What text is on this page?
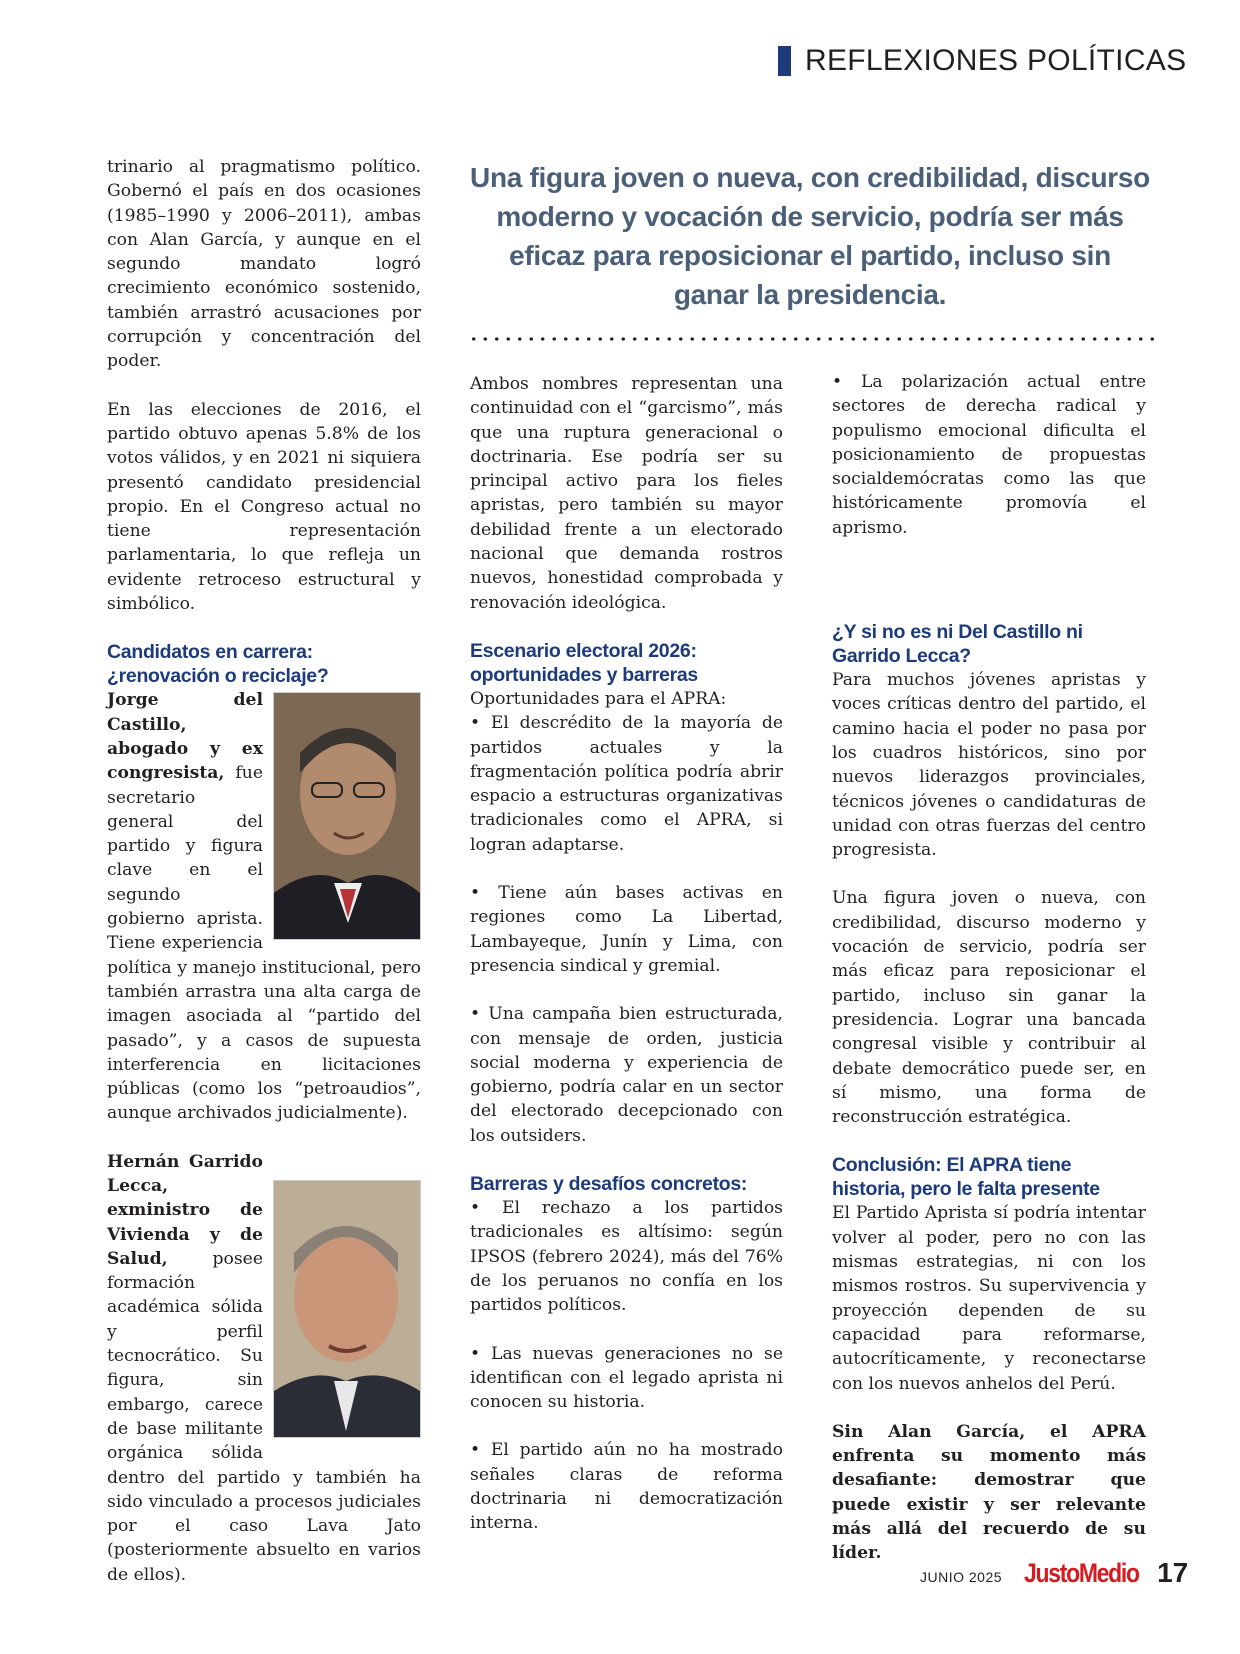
REFLEXIONES POLÍTICAS
Una figura joven o nueva, con credibilidad, discurso moderno y vocación de servicio, podría ser más eficaz para reposicionar el partido, incluso sin ganar la presidencia.

trinario al pragmatismo político. Gobernó el país en dos ocasiones (1985–1990 y 2006–2011), ambas con Alan García, y aunque en el segundo mandato logró crecimiento económico sostenido, también arrastró acusaciones por corrupción y concentración del poder.

En las elecciones de 2016, el partido obtuvo apenas 5.8% de los votos válidos, y en 2021 ni siquiera presentó candidato presidencial propio. En el Congreso actual no tiene representación parlamentaria, lo que refleja un evidente retroceso estructural y simbólico.

Candidatos en carrera: ¿renovación o reciclaje?

Jorge del Castillo, abogado y ex congresista, fue secretario general del partido y figura clave en el segundo gobierno aprista. Tiene experiencia política y manejo institucional, pero también arrastra una alta carga de imagen asociada al “partido del pasado”, y a casos de supuesta interferencia en licitaciones públicas (como los “petroaudios”, aunque archivados judicialmente).

Hernán Garrido Lecca, exministro de Vivienda y de Salud, posee formación académica sólida y perfil tecnocrático. Su figura, sin embargo, carece de base militante orgánica sólida dentro del partido y también ha sido vinculado a procesos judiciales por el caso Lava Jato (posteriormente absuelto en varios de ellos).

Ambos nombres representan una continuidad con el “garcismo”, más que una ruptura generacional o doctrinaria. Ese podría ser su principal activo para los fieles apristas, pero también su mayor debilidad frente a un electorado nacional que demanda rostros nuevos, honestidad comprobada y renovación ideológica.

Escenario electoral 2026: oportunidades y barreras

Oportunidades para el APRA:

• El descrédito de la mayoría de partidos actuales y la fragmentación política podría abrir espacio a estructuras organizativas tradicionales como el APRA, si logran adaptarse.

• Tiene aún bases activas en regiones como La Libertad, Lambayeque, Junín y Lima, con presencia sindical y gremial.

• Una campaña bien estructurada, con mensaje de orden, justicia social moderna y experiencia de gobierno, podría calar en un sector del electorado decepcionado con los outsiders.

Barreras y desafíos concretos:

• El rechazo a los partidos tradicionales es altísimo: según IPSOS (febrero 2024), más del 76% de los peruanos no confía en los partidos políticos.

• Las nuevas generaciones no se identifican con el legado aprista ni conocen su historia.

• El partido aún no ha mostrado señales claras de reforma doctrinaria ni democratización interna.

• La polarización actual entre sectores de derecha radical y populismo emocional dificulta el posicionamiento de propuestas socialdemócratas como las que históricamente promovía el aprismo.

¿Y si no es ni Del Castillo ni Garrido Lecca?

Para muchos jóvenes apristas y voces críticas dentro del partido, el camino hacia el poder no pasa por los cuadros históricos, sino por nuevos liderazgos provinciales, técnicos jóvenes o candidaturas de unidad con otras fuerzas del centro progresista.

Una figura joven o nueva, con credibilidad, discurso moderno y vocación de servicio, podría ser más eficaz para reposicionar el partido, incluso sin ganar la presidencia. Lograr una bancada congresal visible y contribuir al debate democrático puede ser, en sí mismo, una forma de reconstrucción estratégica.

Conclusión: El APRA tiene historia, pero le falta presente

El Partido Aprista sí podría intentar volver al poder, pero no con las mismas estrategias, ni con los mismos rostros. Su supervivencia y proyección dependen de su capacidad para reformarse, autocríticamente, y reconectarse con los nuevos anhelos del Perú.

Sin Alan García, el APRA enfrenta su momento más desafiante: demostrar que puede existir y ser relevante más allá del recuerdo de su líder.

JUNIO 2025 JustoMedio 17
